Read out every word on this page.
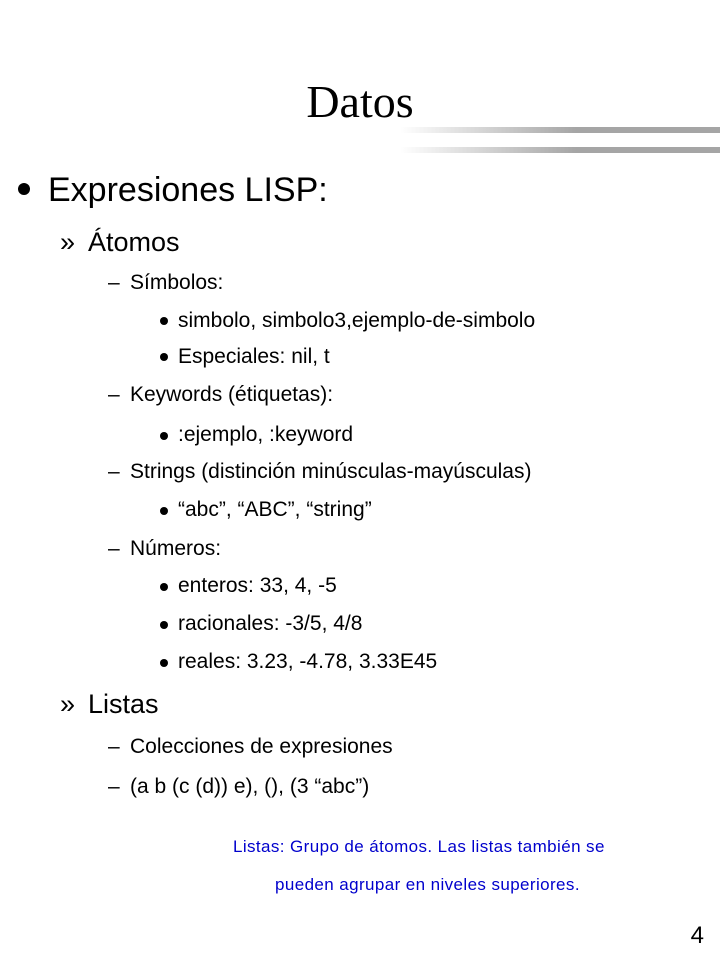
Datos
Expresiones LISP:
» Átomos
– Símbolos:
simbolo, simbolo3,ejemplo-de-simbolo
Especiales: nil, t
– Keywords (étiquetas):
:ejemplo, :keyword
– Strings (distinción minúsculas-mayúsculas)
“abc”, “ABC”, “string”
– Números:
enteros: 33, 4, -5
racionales: -3/5, 4/8
reales: 3.23, -4.78, 3.33E45
» Listas
– Colecciones de expresiones
– (a b (c (d)) e), (), (3 “abc”)
Listas: Grupo de átomos. Las listas también se
pueden agrupar en niveles superiores.
4
